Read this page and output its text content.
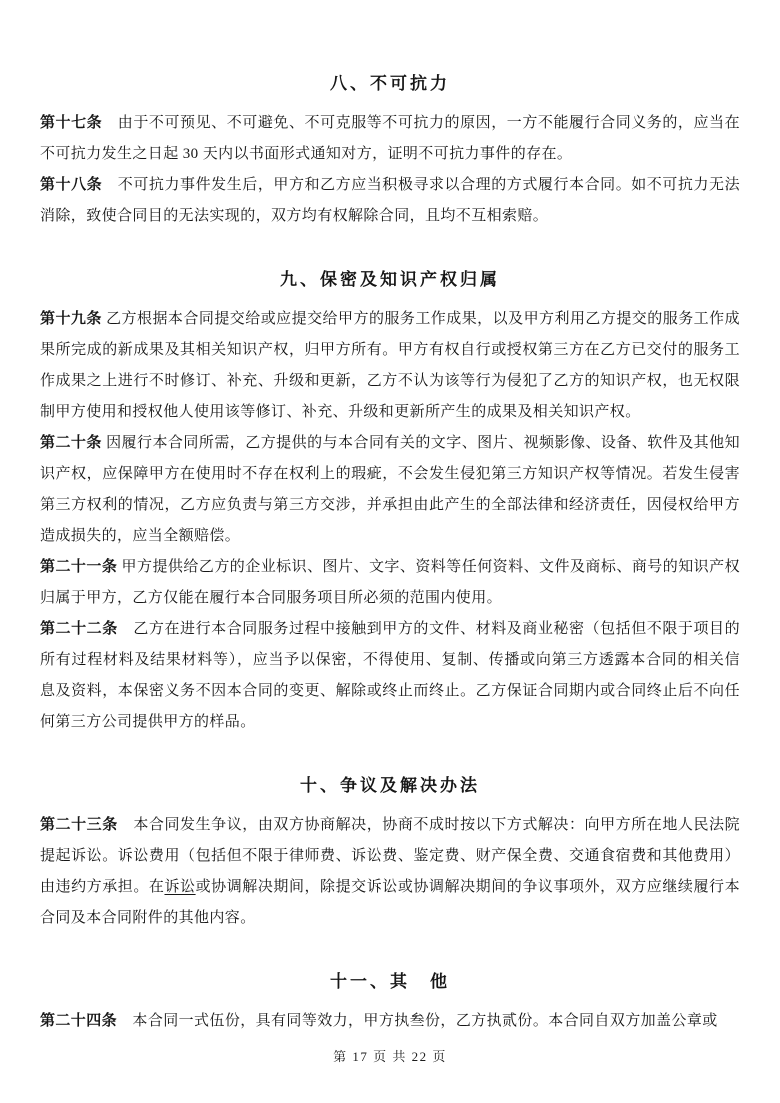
八、不可抗力

第十七条　由于不可预见、不可避免、不可克服等不可抗力的原因，一方不能履行合同义务的，应当在不可抗力发生之日起 30 天内以书面形式通知对方，证明不可抗力事件的存在。

第十八条　不可抗力事件发生后，甲方和乙方应当积极寻求以合理的方式履行本合同。如不可抗力无法消除，致使合同目的无法实现的，双方均有权解除合同，且均不互相索赔。

九、保密及知识产权归属

第十九条 乙方根据本合同提交给或应提交给甲方的服务工作成果，以及甲方利用乙方提交的服务工作成果所完成的新成果及其相关知识产权，归甲方所有。甲方有权自行或授权第三方在乙方已交付的服务工作成果之上进行不时修订、补充、升级和更新，乙方不认为该等行为侵犯了乙方的知识产权，也无权限制甲方使用和授权他人使用该等修订、补充、升级和更新所产生的成果及相关知识产权。

第二十条 因履行本合同所需，乙方提供的与本合同有关的文字、图片、视频影像、设备、软件及其他知识产权，应保障甲方在使用时不存在权利上的瑕疵，不会发生侵犯第三方知识产权等情况。若发生侵害第三方权利的情况，乙方应负责与第三方交涉，并承担由此产生的全部法律和经济责任，因侵权给甲方造成损失的，应当全额赔偿。

第二十一条 甲方提供给乙方的企业标识、图片、文字、资料等任何资料、文件及商标、商号的知识产权归属于甲方，乙方仅能在履行本合同服务项目所必须的范围内使用。

第二十二条　乙方在进行本合同服务过程中接触到甲方的文件、材料及商业秘密（包括但不限于项目的所有过程材料及结果材料等），应当予以保密，不得使用、复制、传播或向第三方透露本合同的相关信息及资料，本保密义务不因本合同的变更、解除或终止而终止。乙方保证合同期内或合同终止后不向任何第三方公司提供甲方的样品。

十、争议及解决办法

第二十三条　本合同发生争议，由双方协商解决，协商不成时按以下方式解决：向甲方所在地人民法院提起诉讼。诉讼费用（包括但不限于律师费、诉讼费、鉴定费、财产保全费、交通食宿费和其他费用）由违约方承担。在诉讼或协调解决期间，除提交诉讼或协调解决期间的争议事项外，双方应继续履行本合同及本合同附件的其他内容。

十一、其　他

第二十四条　本合同一式伍份，具有同等效力，甲方执叁份，乙方执贰份。本合同自双方加盖公章或

第 17 页 共 22 页
